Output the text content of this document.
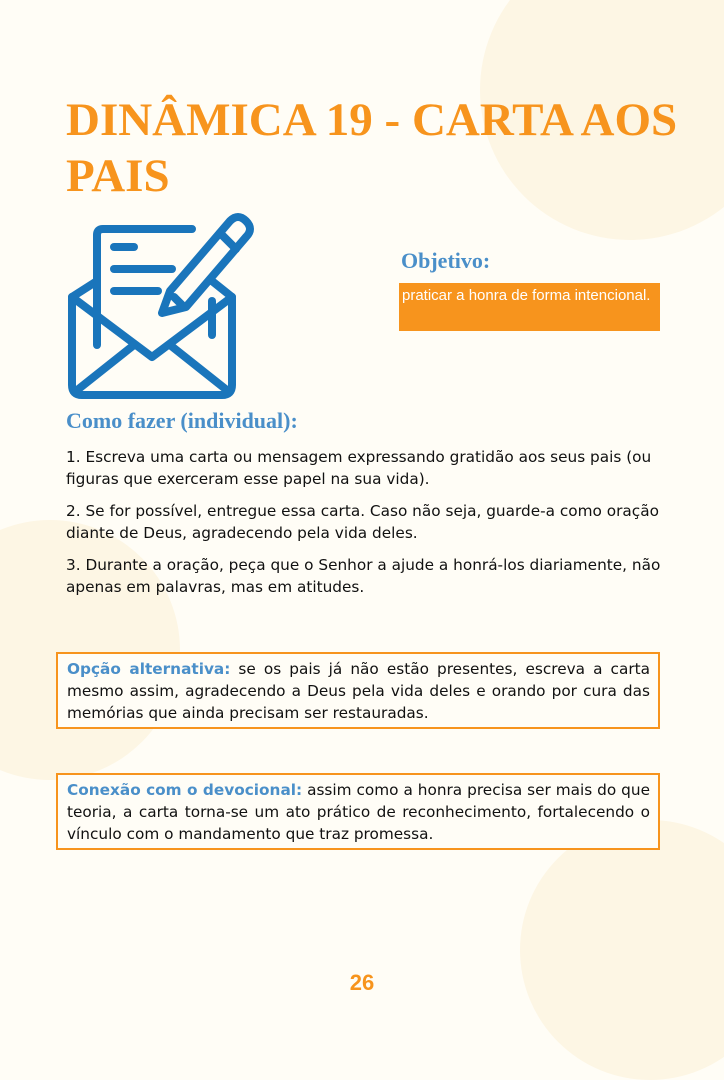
DINÂMICA 19 - CARTA AOS PAIS
Objetivo:
praticar a honra de forma intencional.
Como fazer (individual):

1. Escreva uma carta ou mensagem expressando gratidão aos seus pais (ou figuras que exerceram esse papel na sua vida).

2. Se for possível, entregue essa carta. Caso não seja, guarde-a como oração diante de Deus, agradecendo pela vida deles.

3. Durante a oração, peça que o Senhor a ajude a honrá-los diariamente, não apenas em palavras, mas em atitudes.

Opção alternativa: se os pais já não estão presentes, escreva a carta mesmo assim, agradecendo a Deus pela vida deles e orando por cura das memórias que ainda precisam ser restauradas.
Conexão com o devocional: assim como a honra precisa ser mais do que teoria, a carta torna-se um ato prático de reconhecimento, fortalecendo o vínculo com o mandamento que traz promessa.
26
